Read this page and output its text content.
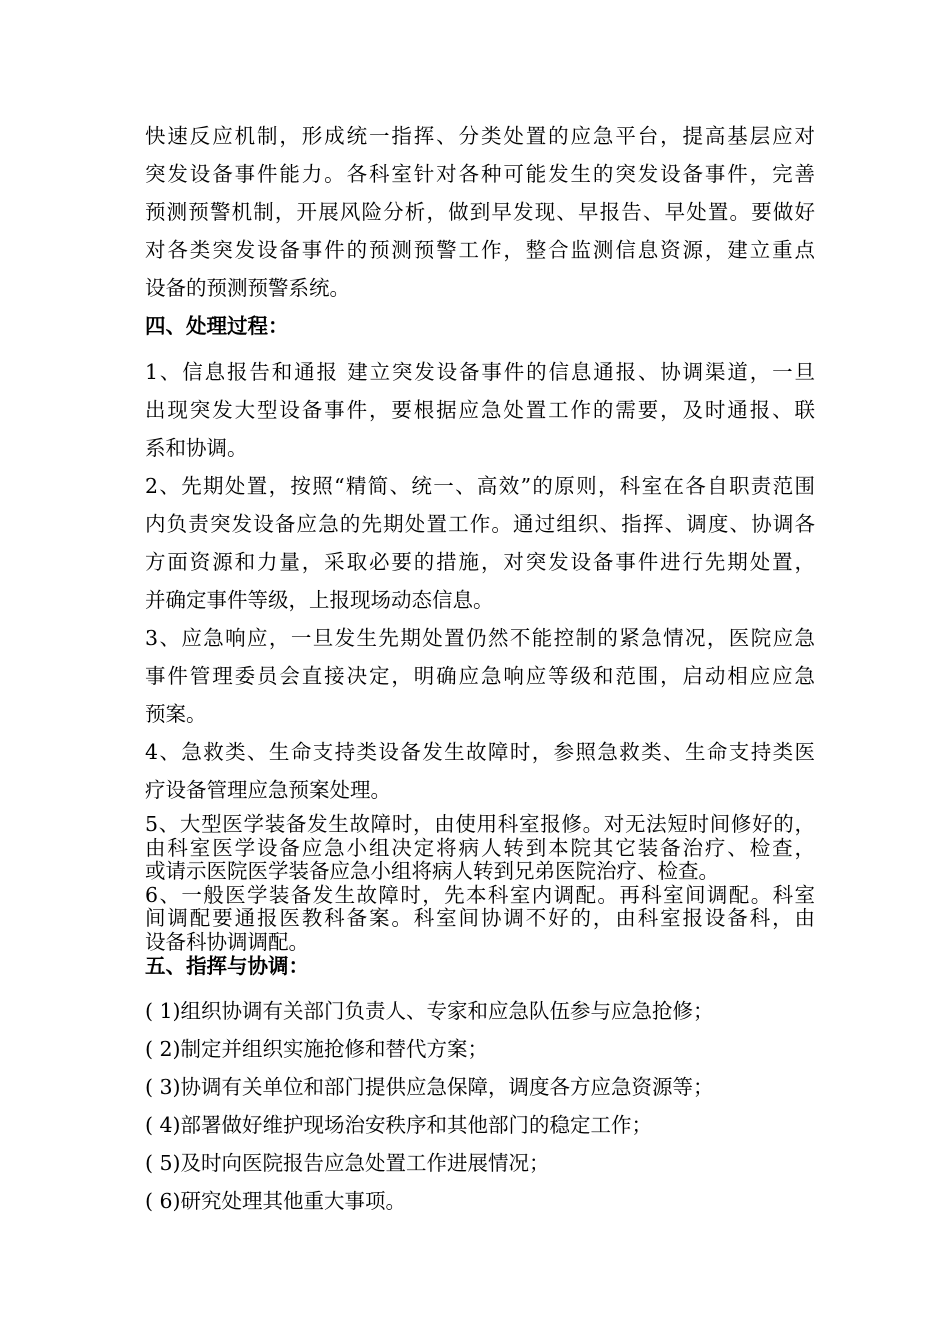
快速反应机制，形成统一指挥、分类处置的应急平台，提高基层应对
突发设备事件能力。各科室针对各种可能发生的突发设备事件，完善
预测预警机制，开展风险分析，做到早发现、早报告、早处置。要做好
对各类突发设备事件的预测预警工作，整合监测信息资源，建立重点
设备的预测预警系统。
四、处理过程：
1、信息报告和通报 建立突发设备事件的信息通报、协调渠道，一旦
出现突发大型设备事件，要根据应急处置工作的需要，及时通报、联
系和协调。
2、先期处置，按照“精简、统一、高效”的原则，科室在各自职责范围
内负责突发设备应急的先期处置工作。通过组织、指挥、调度、协调各
方面资源和力量，采取必要的措施，对突发设备事件进行先期处置，
并确定事件等级，上报现场动态信息。
3、应急响应，一旦发生先期处置仍然不能控制的紧急情况，医院应急
事件管理委员会直接决定，明确应急响应等级和范围，启动相应应急
预案。
4、急救类、生命支持类设备发生故障时，参照急救类、生命支持类医
疗设备管理应急预案处理。
5、大型医学装备发生故障时，由使用科室报修。对无法短时间修好的，
由科室医学设备应急小组决定将病人转到本院其它装备治疗、检查，
或请示医院医学装备应急小组将病人转到兄弟医院治疗、检查。
6、一般医学装备发生故障时，先本科室内调配。再科室间调配。科室
间调配要通报医教科备案。科室间协调不好的，由科室报设备科，由
设备科协调调配。
五、指挥与协调：
( 1)组织协调有关部门负责人、专家和应急队伍参与应急抢修；
( 2)制定并组织实施抢修和替代方案；
( 3)协调有关单位和部门提供应急保障，调度各方应急资源等；
( 4)部署做好维护现场治安秩序和其他部门的稳定工作；
( 5)及时向医院报告应急处置工作进展情况；
( 6)研究处理其他重大事项。
